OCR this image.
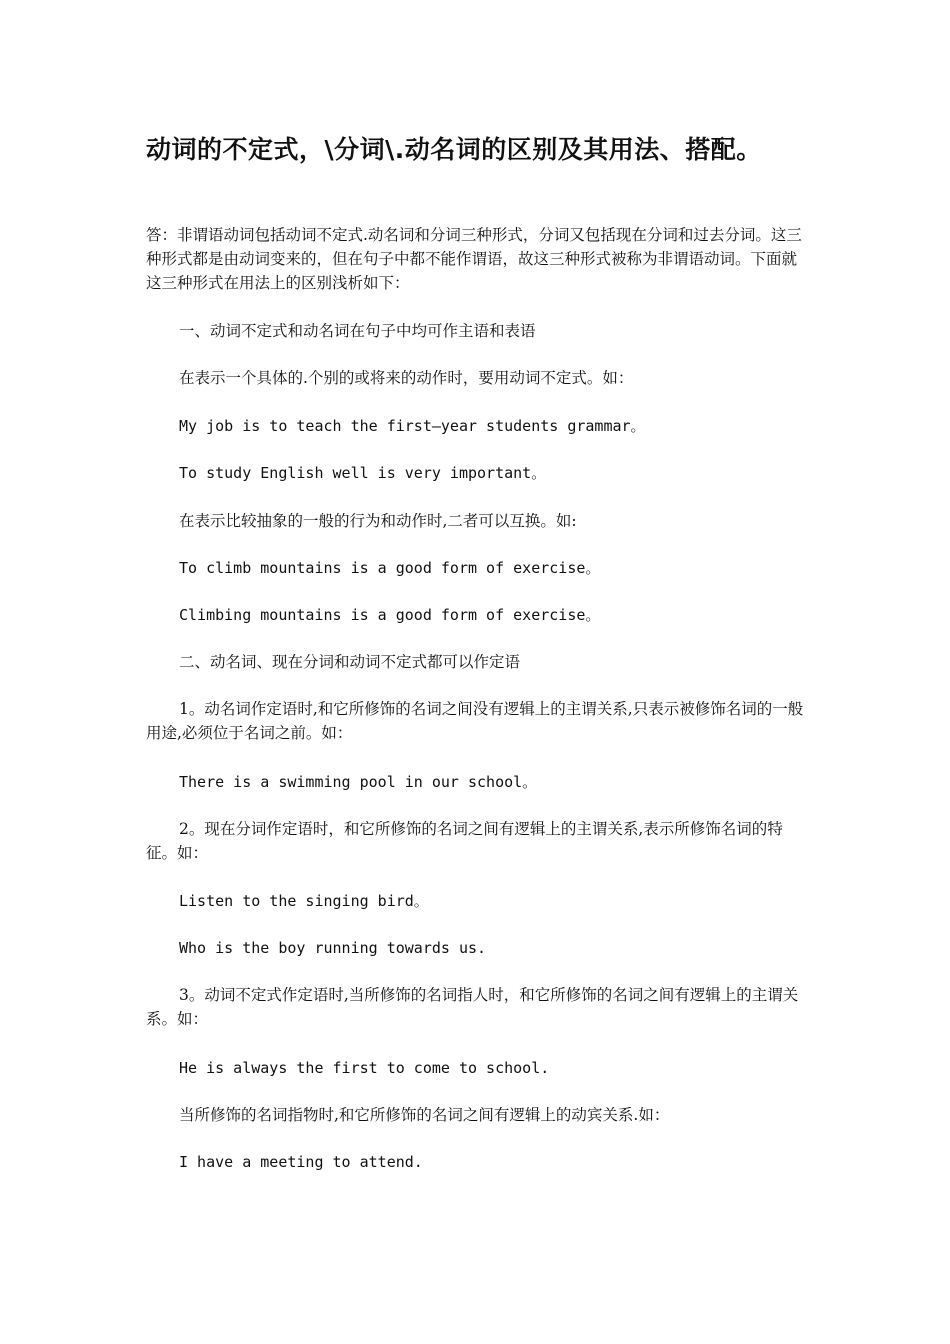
动词的不定式，\分词\.动名词的区别及其用法、搭配。

答：非谓语动词包括动词不定式.动名词和分词三种形式，分词又包括现在分词和过去分词。这三种形式都是由动词变来的，但在句子中都不能作谓语，故这三种形式被称为非谓语动词。下面就这三种形式在用法上的区别浅析如下：

一、动词不定式和动名词在句子中均可作主语和表语

在表示一个具体的.个别的或将来的动作时，要用动词不定式。如：

My job is to teach the first—year students grammar。

To study English well is very important。

在表示比较抽象的一般的行为和动作时,二者可以互换。如:

To climb mountains is a good form of exercise。

Climbing mountains is a good form of exercise。

二、动名词、现在分词和动词不定式都可以作定语

1。动名词作定语时,和它所修饰的名词之间没有逻辑上的主谓关系,只表示被修饰名词的一般用途,必须位于名词之前。如：

There is a swimming pool in our school。

2。现在分词作定语时，和它所修饰的名词之间有逻辑上的主谓关系,表示所修饰名词的特征。如：

Listen to the singing bird。

Who is the boy running towards us.

3。动词不定式作定语时,当所修饰的名词指人时，和它所修饰的名词之间有逻辑上的主谓关系。如：

He is always the first to come to school.

当所修饰的名词指物时,和它所修饰的名词之间有逻辑上的动宾关系.如：

I have a meeting to attend.
